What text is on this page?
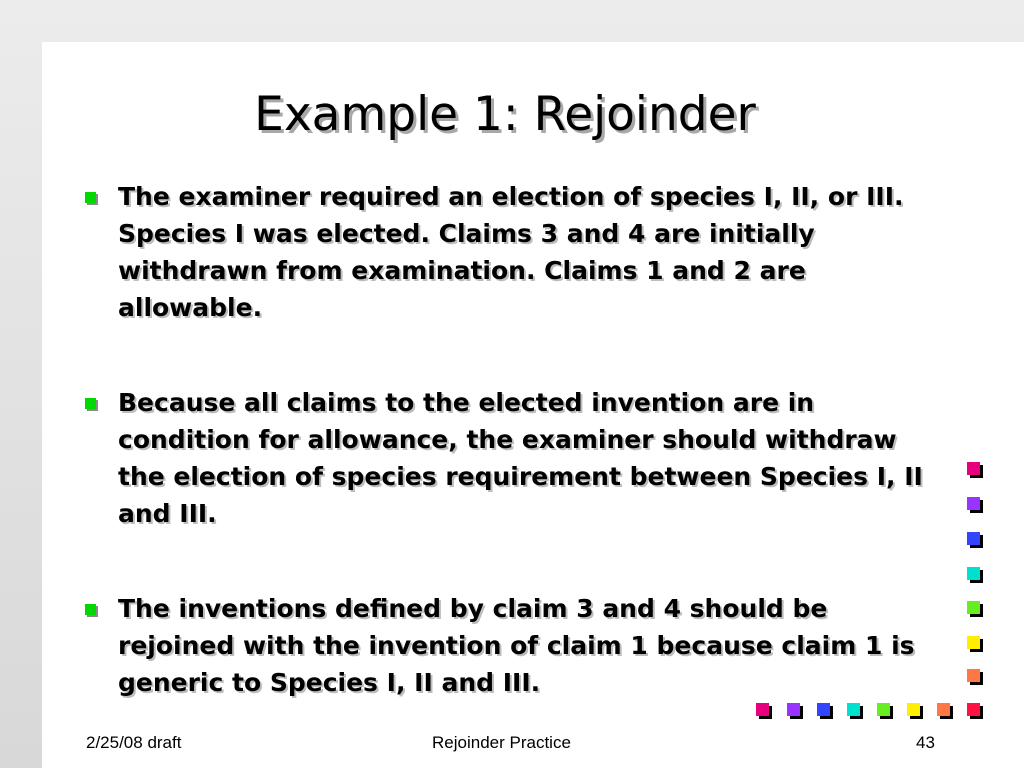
Example 1: Rejoinder

The examiner required an election of species I, II, or III. Species I was elected. Claims 3 and 4 are initially withdrawn from examination. Claims 1 and 2 are allowable.

Because all claims to the elected invention are in condition for allowance, the examiner should withdraw the election of species requirement between Species I, II and III.

The inventions defined by claim 3 and 4 should be rejoined with the invention of claim 1 because claim 1 is generic to Species I, II and III.

2/25/08 draft	Rejoinder Practice	43
